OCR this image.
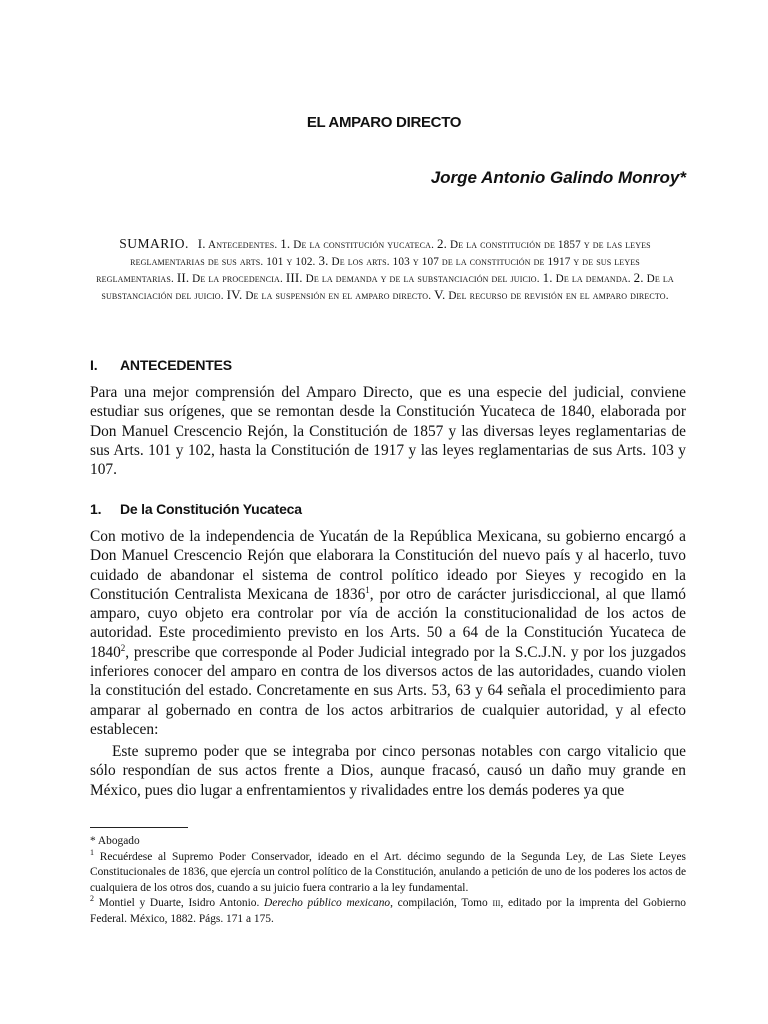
EL AMPARO DIRECTO
Jorge Antonio Galindo Monroy*
SUMARIO. I. Antecedentes. 1. De la constitución yucateca. 2. De la constitución de 1857 y de las leyes reglamentarias de sus arts. 101 y 102. 3. De los arts. 103 y 107 de la constitución de 1917 y de sus leyes reglamentarias. II. De la procedencia. III. De la demanda y de la substanciación del juicio. 1. De la demanda. 2. De la substanciación del juicio. IV. De la suspensión en el amparo directo. V. Del recurso de revisión en el amparo directo.
I. ANTECEDENTES

Para una mejor comprensión del Amparo Directo, que es una especie del judicial, conviene estudiar sus orígenes, que se remontan desde la Constitución Yucateca de 1840, elaborada por Don Manuel Crescencio Rejón, la Constitución de 1857 y las diversas leyes reglamentarias de sus Arts. 101 y 102, hasta la Constitución de 1917 y las leyes reglamentarias de sus Arts. 103 y 107.

1. De la Constitución Yucateca

Con motivo de la independencia de Yucatán de la República Mexicana, su gobierno encargó a Don Manuel Crescencio Rejón que elaborara la Constitución del nuevo país y al hacerlo, tuvo cuidado de abandonar el sistema de control político ideado por Sieyes y recogido en la Constitución Centralista Mexicana de 1836$^1$, por otro de carácter jurisdiccional, al que llamó amparo, cuyo objeto era controlar por vía de acción la constitucionalidad de los actos de autoridad. Este procedimiento previsto en los Arts. 50 a 64 de la Constitución Yucateca de 1840$^2$, prescribe que corresponde al Poder Judicial integrado por la S.C.J.N. y por los juzgados inferiores conocer del amparo en contra de los diversos actos de las autoridades, cuando violen la constitución del estado. Concretamente en sus Arts. 53, 63 y 64 señala el procedimiento para amparar al gobernado en contra de los actos arbitrarios de cualquier autoridad, y al efecto establecen:

Este supremo poder que se integraba por cinco personas notables con cargo vitalicio que sólo respondían de sus actos frente a Dios, aunque fracasó, causó un daño muy grande en México, pues dio lugar a enfrentamientos y rivalidades entre los demás poderes ya que

* Abogado

$^1$ Recuérdese al Supremo Poder Conservador, ideado en el Art. décimo segundo de la Segunda Ley, de Las Siete Leyes Constitucionales de 1836, que ejercía un control político de la Constitución, anulando a petición de uno de los poderes los actos de cualquiera de los otros dos, cuando a su juicio fuera contrario a la ley fundamental.

$^2$ Montiel y Duarte, Isidro Antonio. Derecho público mexicano, compilación, Tomo iii, editado por la imprenta del Gobierno Federal. México, 1882. Págs. 171 a 175.
